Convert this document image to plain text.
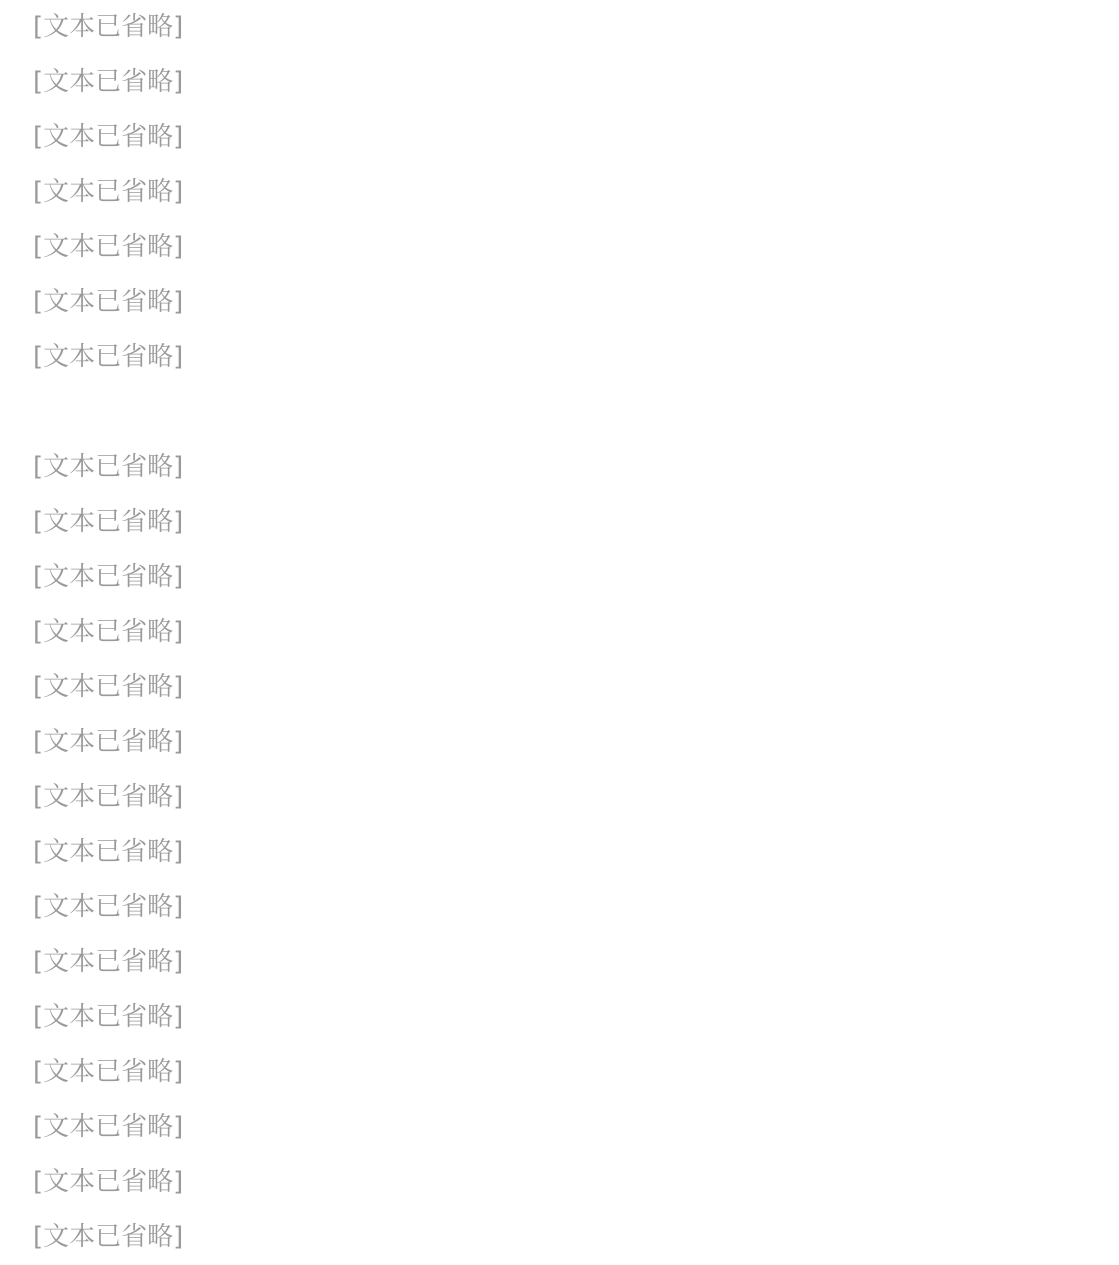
[文本已省略]

[文本已省略]
[文本已省略]

[文本已省略]
[文本已省略]

[文本已省略]
[文本已省略]

[文本已省略]

[文本已省略]
[文本已省略]

[文本已省略]
[文本已省略]
[文本已省略]
[文本已省略]

[文本已省略]
[文本已省略]

[文本已省略]
[文本已省略]

[文本已省略]
[文本已省略]

[文本已省略]
[文本已省略]
